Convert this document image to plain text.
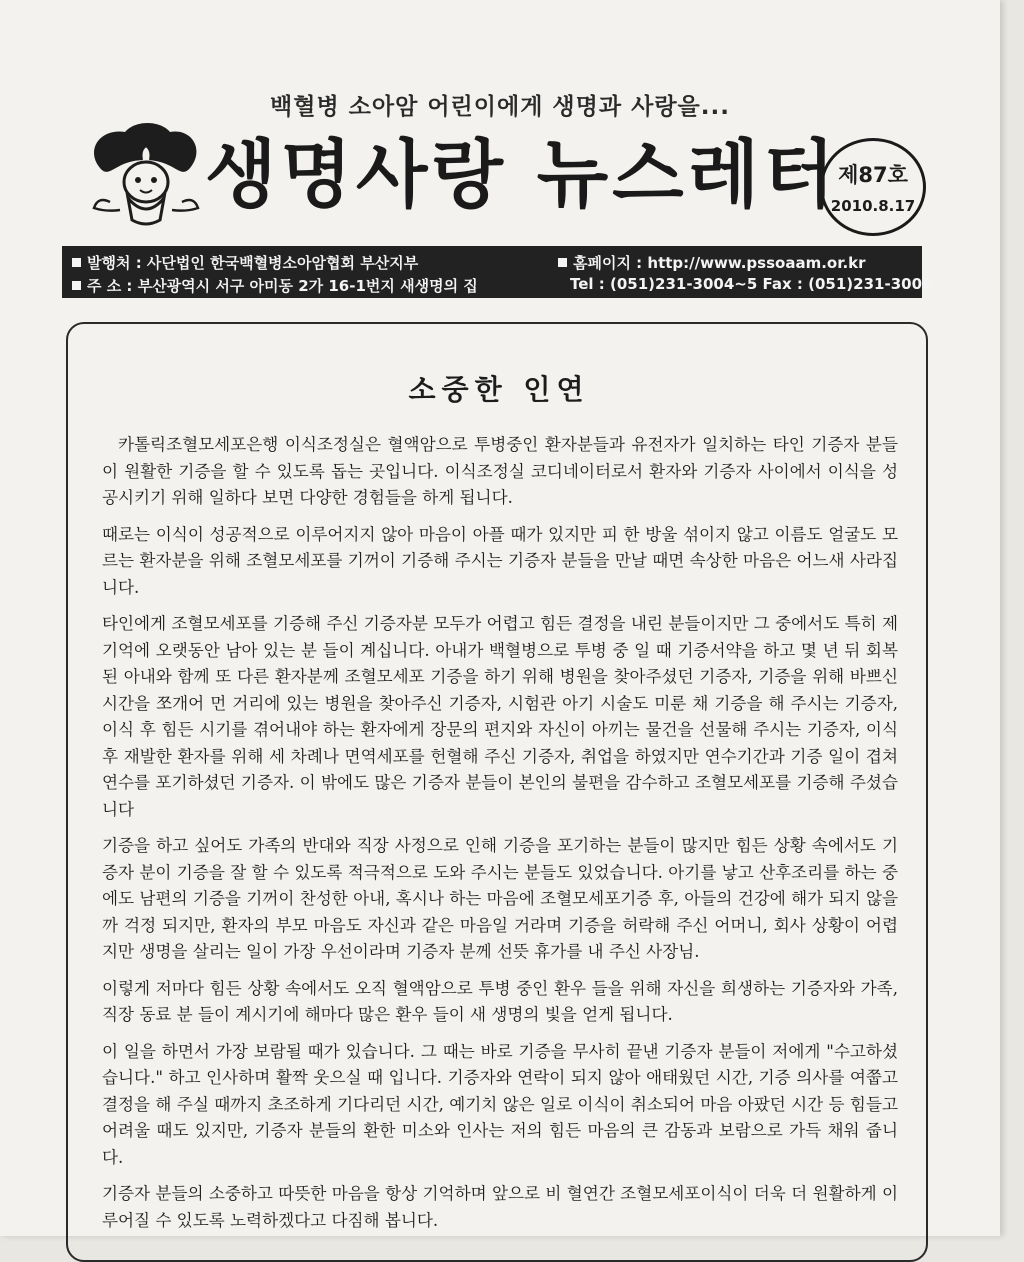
백혈병 소아암 어린이에게 생명과 사랑을...
생명사랑 뉴스레터 제87호
2010.8.17
발행처 : 사단법인 한국백혈병소아암협회 부산지부
주 소 : 부산광역시 서구 아미동 2가 16-1번지 새생명의 집
홈페이지 : http://www.pssoaam.or.kr
Tel : (051)231-3004~5 Fax : (051)231-3006
소중한 인연

카톨릭조혈모세포은행 이식조정실은 혈액암으로 투병중인 환자분들과 유전자가 일치하는 타인 기증자 분들이 원활한 기증을 할 수 있도록 돕는 곳입니다. 이식조정실 코디네이터로서 환자와 기증자 사이에서 이식을 성공시키기 위해 일하다 보면 다양한 경험들을 하게 됩니다.

때로는 이식이 성공적으로 이루어지지 않아 마음이 아플 때가 있지만 피 한 방울 섞이지 않고 이름도 얼굴도 모르는 환자분을 위해 조혈모세포를 기꺼이 기증해 주시는 기증자 분들을 만날 때면 속상한 마음은 어느새 사라집니다.

타인에게 조혈모세포를 기증해 주신 기증자분 모두가 어렵고 힘든 결정을 내린 분들이지만 그 중에서도 특히 제 기억에 오랫동안 남아 있는 분 들이 계십니다. 아내가 백혈병으로 투병 중 일 때 기증서약을 하고 몇 년 뒤 회복된 아내와 함께 또 다른 환자분께 조혈모세포 기증을 하기 위해 병원을 찾아주셨던 기증자, 기증을 위해 바쁘신 시간을 쪼개어 먼 거리에 있는 병원을 찾아주신 기증자, 시험관 아기 시술도 미룬 채 기증을 해 주시는 기증자, 이식 후 힘든 시기를 겪어내야 하는 환자에게 장문의 편지와 자신이 아끼는 물건을 선물해 주시는 기증자, 이식 후 재발한 환자를 위해 세 차례나 면역세포를 헌혈해 주신 기증자, 취업을 하였지만 연수기간과 기증 일이 겹쳐 연수를 포기하셨던 기증자. 이 밖에도 많은 기증자 분들이 본인의 불편을 감수하고 조혈모세포를 기증해 주셨습니다

기증을 하고 싶어도 가족의 반대와 직장 사정으로 인해 기증을 포기하는 분들이 많지만 힘든 상황 속에서도 기증자 분이 기증을 잘 할 수 있도록 적극적으로 도와 주시는 분들도 있었습니다. 아기를 낳고 산후조리를 하는 중에도 남편의 기증을 기꺼이 찬성한 아내, 혹시나 하는 마음에 조혈모세포기증 후, 아들의 건강에 해가 되지 않을까 걱정 되지만, 환자의 부모 마음도 자신과 같은 마음일 거라며 기증을 허락해 주신 어머니, 회사 상황이 어렵지만 생명을 살리는 일이 가장 우선이라며 기증자 분께 선뜻 휴가를 내 주신 사장님.

이렇게 저마다 힘든 상황 속에서도 오직 혈액암으로 투병 중인 환우 들을 위해 자신을 희생하는 기증자와 가족, 직장 동료 분 들이 계시기에 해마다 많은 환우 들이 새 생명의 빛을 얻게 됩니다.

이 일을 하면서 가장 보람될 때가 있습니다. 그 때는 바로 기증을 무사히 끝낸 기증자 분들이 저에게 "수고하셨습니다." 하고 인사하며 활짝 웃으실 때 입니다. 기증자와 연락이 되지 않아 애태웠던 시간, 기증 의사를 여쭙고 결정을 해 주실 때까지 초조하게 기다리던 시간, 예기치 않은 일로 이식이 취소되어 마음 아팠던 시간 등 힘들고 어려울 때도 있지만, 기증자 분들의 환한 미소와 인사는 저의 힘든 마음의 큰 감동과 보람으로 가득 채워 줍니다.

기증자 분들의 소중하고 따뜻한 마음을 항상 기억하며 앞으로 비 혈연간 조혈모세포이식이 더욱 더 원활하게 이루어질 수 있도록 노력하겠다고 다짐해 봅니다.
